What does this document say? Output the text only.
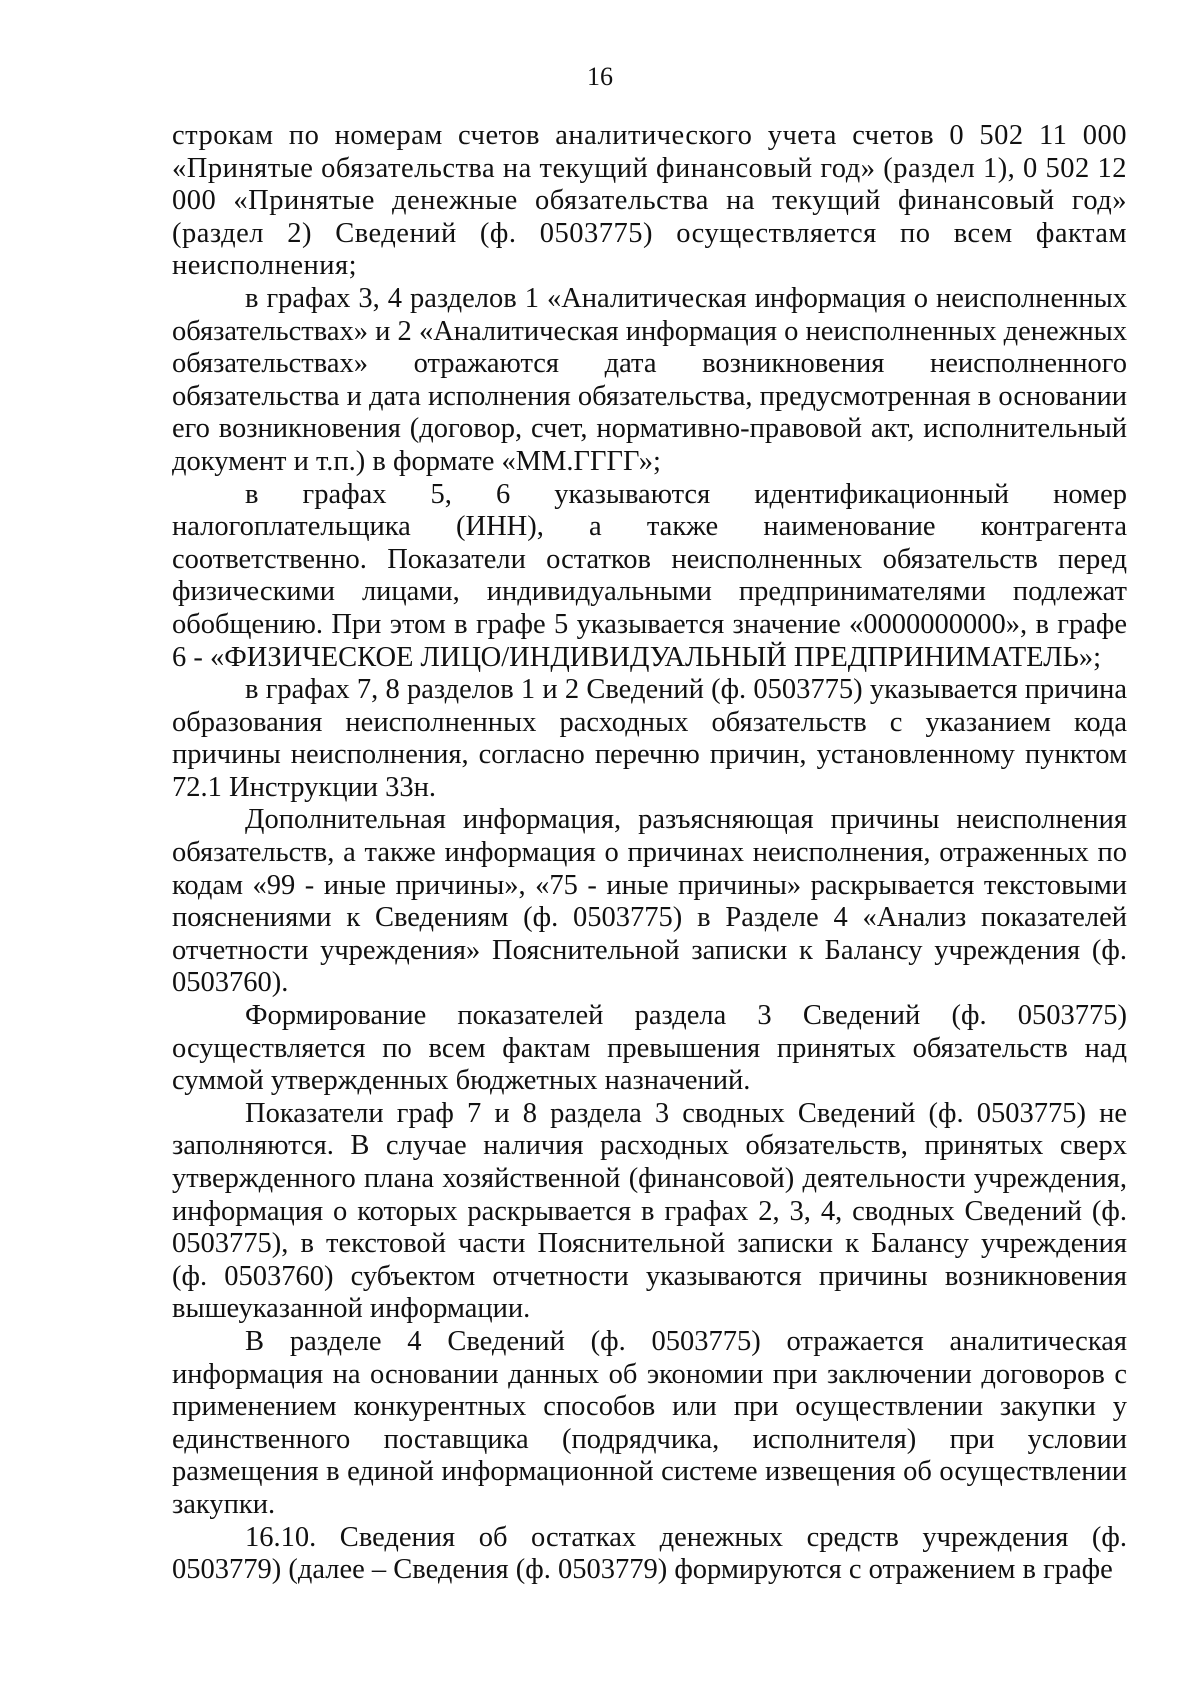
16

строкам по номерам счетов аналитического учета счетов 0 502 11 000 «Принятые обязательства на текущий финансовый год» (раздел 1), 0 502 12 000 «Принятые денежные обязательства на текущий финансовый год» (раздел 2) Сведений (ф. 0503775) осуществляется по всем фактам неисполнения;

в графах 3, 4 разделов 1 «Аналитическая информация о неисполненных обязательствах» и 2 «Аналитическая информация о неисполненных денежных обязательствах» отражаются дата возникновения неисполненного обязательства и дата исполнения обязательства, предусмотренная в основании его возникновения (договор, счет, нормативно-правовой акт, исполнительный документ и т.п.) в формате «ММ.ГГГГ»;

в графах 5, 6 указываются идентификационный номер налогоплательщика (ИНН), а также наименование контрагента соответственно. Показатели остатков неисполненных обязательств перед физическими лицами, индивидуальными предпринимателями подлежат обобщению. При этом в графе 5 указывается значение «0000000000», в графе 6 - «ФИЗИЧЕСКОЕ ЛИЦО/ИНДИВИДУАЛЬНЫЙ ПРЕДПРИНИМАТЕЛЬ»;

в графах 7, 8 разделов 1 и 2 Сведений (ф. 0503775) указывается причина образования неисполненных расходных обязательств с указанием кода причины неисполнения, согласно перечню причин, установленному пунктом 72.1 Инструкции 33н.

Дополнительная информация, разъясняющая причины неисполнения обязательств, а также информация о причинах неисполнения, отраженных по кодам «99 - иные причины», «75 - иные причины» раскрывается текстовыми пояснениями к Сведениям (ф. 0503775) в Разделе 4 «Анализ показателей отчетности учреждения» Пояснительной записки к Балансу учреждения (ф. 0503760).

Формирование показателей раздела 3 Сведений (ф. 0503775) осуществляется по всем фактам превышения принятых обязательств над суммой утвержденных бюджетных назначений.

Показатели граф 7 и 8 раздела 3 сводных Сведений (ф. 0503775) не заполняются. В случае наличия расходных обязательств, принятых сверх утвержденного плана хозяйственной (финансовой) деятельности учреждения, информация о которых раскрывается в графах 2, 3, 4, сводных Сведений (ф. 0503775), в текстовой части Пояснительной записки к Балансу учреждения (ф. 0503760) субъектом отчетности указываются причины возникновения вышеуказанной информации.

В разделе 4 Сведений (ф. 0503775) отражается аналитическая информация на основании данных об экономии при заключении договоров с применением конкурентных способов или при осуществлении закупки у единственного поставщика (подрядчика, исполнителя) при условии размещения в единой информационной системе извещения об осуществлении закупки.

16.10. Сведения об остатках денежных средств учреждения (ф. 0503779) (далее – Сведения (ф. 0503779) формируются с отражением в графе
